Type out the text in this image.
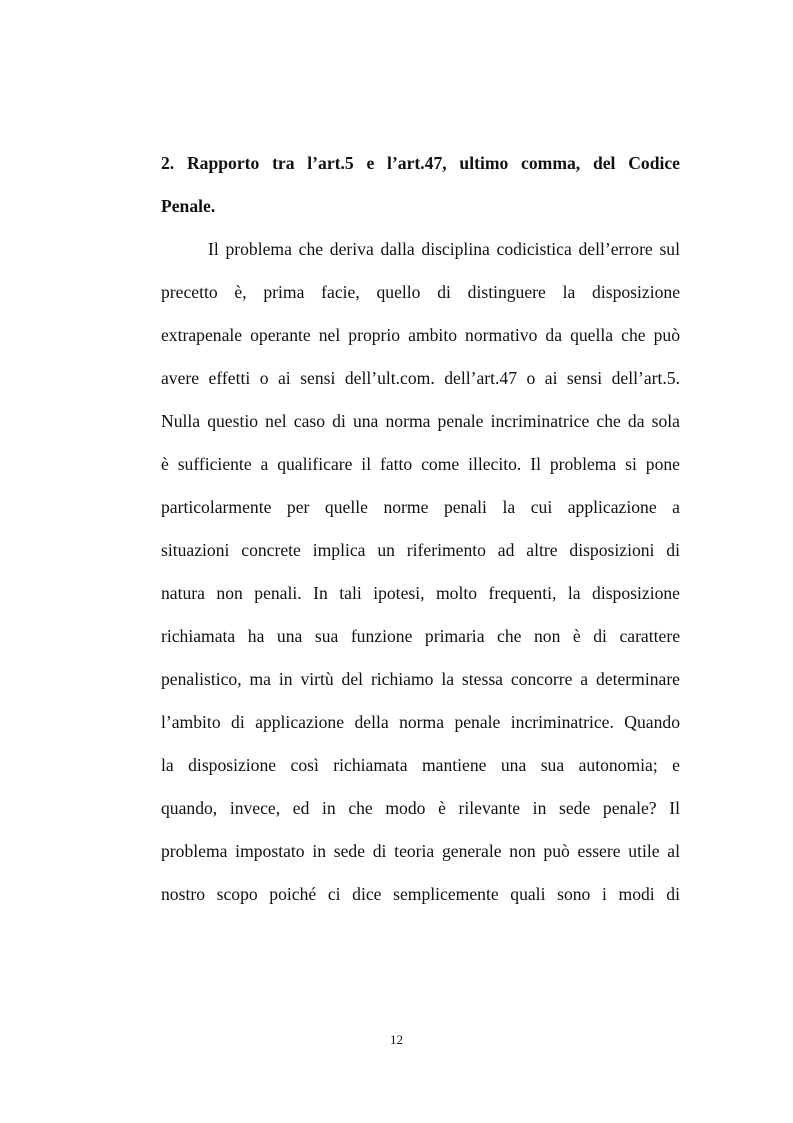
2. Rapporto tra l’art.5 e l’art.47, ultimo comma, del Codice
Penale.
Il problema che deriva dalla disciplina codicistica dell’errore sul
precetto è, prima facie, quello di distinguere la disposizione
extrapenale operante nel proprio ambito normativo da quella che può
avere effetti o ai sensi dell’ult.com. dell’art.47 o ai sensi dell’art.5.
Nulla questio nel caso di una norma penale incriminatrice che da sola
è sufficiente a qualificare il fatto come illecito. Il problema si pone
particolarmente per quelle norme penali la cui applicazione a
situazioni concrete implica un riferimento ad altre disposizioni di
natura non penali. In tali ipotesi, molto frequenti, la disposizione
richiamata ha una sua funzione primaria che non è di carattere
penalistico, ma in virtù del richiamo la stessa concorre a determinare
l’ambito di applicazione della norma penale incriminatrice. Quando
la disposizione così richiamata mantiene una sua autonomia; e
quando, invece, ed in che modo è rilevante in sede penale? Il
problema impostato in sede di teoria generale non può essere utile al
nostro scopo poiché ci dice semplicemente quali sono i modi di
12
